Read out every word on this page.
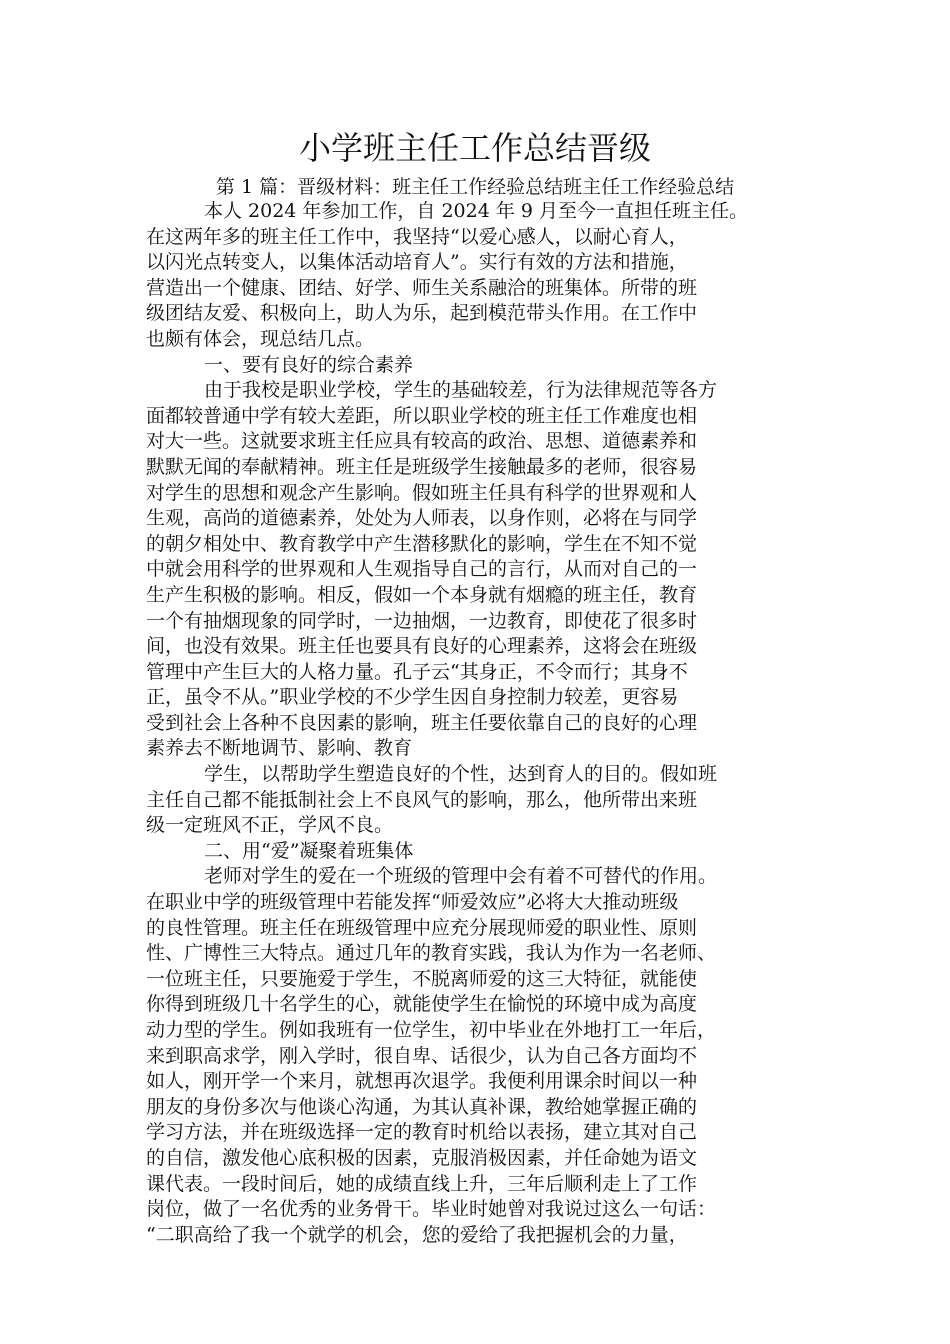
小学班主任工作总结晋级
第 1 篇：晋级材料：班主任工作经验总结班主任工作经验总结
本人 2024 年参加工作，自 2024 年 9 月至今一直担任班主任。
在这两年多的班主任工作中，我坚持“以爱心感人，以耐心育人，
以闪光点转变人，以集体活动培育人”。实行有效的方法和措施，
营造出一个健康、团结、好学、师生关系融洽的班集体。所带的班
级团结友爱、积极向上，助人为乐，起到模范带头作用。在工作中
也颇有体会，现总结几点。
一、要有良好的综合素养
由于我校是职业学校，学生的基础较差，行为法律规范等各方
面都较普通中学有较大差距，所以职业学校的班主任工作难度也相
对大一些。这就要求班主任应具有较高的政治、思想、道德素养和
默默无闻的奉献精神。班主任是班级学生接触最多的老师，很容易
对学生的思想和观念产生影响。假如班主任具有科学的世界观和人
生观，高尚的道德素养，处处为人师表，以身作则，必将在与同学
的朝夕相处中、教育教学中产生潜移默化的影响，学生在不知不觉
中就会用科学的世界观和人生观指导自己的言行，从而对自己的一
生产生积极的影响。相反，假如一个本身就有烟瘾的班主任，教育
一个有抽烟现象的同学时，一边抽烟，一边教育，即使花了很多时
间，也没有效果。班主任也要具有良好的心理素养，这将会在班级
管理中产生巨大的人格力量。孔子云“其身正，不令而行；其身不
正，虽令不从。”职业学校的不少学生因自身控制力较差，更容易
受到社会上各种不良因素的影响，班主任要依靠自己的良好的心理
素养去不断地调节、影响、教育
学生，以帮助学生塑造良好的个性，达到育人的目的。假如班
主任自己都不能抵制社会上不良风气的影响，那么，他所带出来班
级一定班风不正，学风不良。
二、用“爱”凝聚着班集体
老师对学生的爱在一个班级的管理中会有着不可替代的作用。
在职业中学的班级管理中若能发挥“师爱效应”必将大大推动班级
的良性管理。班主任在班级管理中应充分展现师爱的职业性、原则
性、广博性三大特点。通过几年的教育实践，我认为作为一名老师、
一位班主任，只要施爱于学生，不脱离师爱的这三大特征，就能使
你得到班级几十名学生的心，就能使学生在愉悦的环境中成为高度
动力型的学生。例如我班有一位学生，初中毕业在外地打工一年后，
来到职高求学，刚入学时，很自卑、话很少，认为自己各方面均不
如人，刚开学一个来月，就想再次退学。我便利用课余时间以一种
朋友的身份多次与他谈心沟通，为其认真补课，教给她掌握正确的
学习方法，并在班级选择一定的教育时机给以表扬，建立其对自己
的自信，激发他心底积极的因素，克服消极因素，并任命她为语文
课代表。一段时间后，她的成绩直线上升，三年后顺利走上了工作
岗位，做了一名优秀的业务骨干。毕业时她曾对我说过这么一句话：
“二职高给了我一个就学的机会，您的爱给了我把握机会的力量，
